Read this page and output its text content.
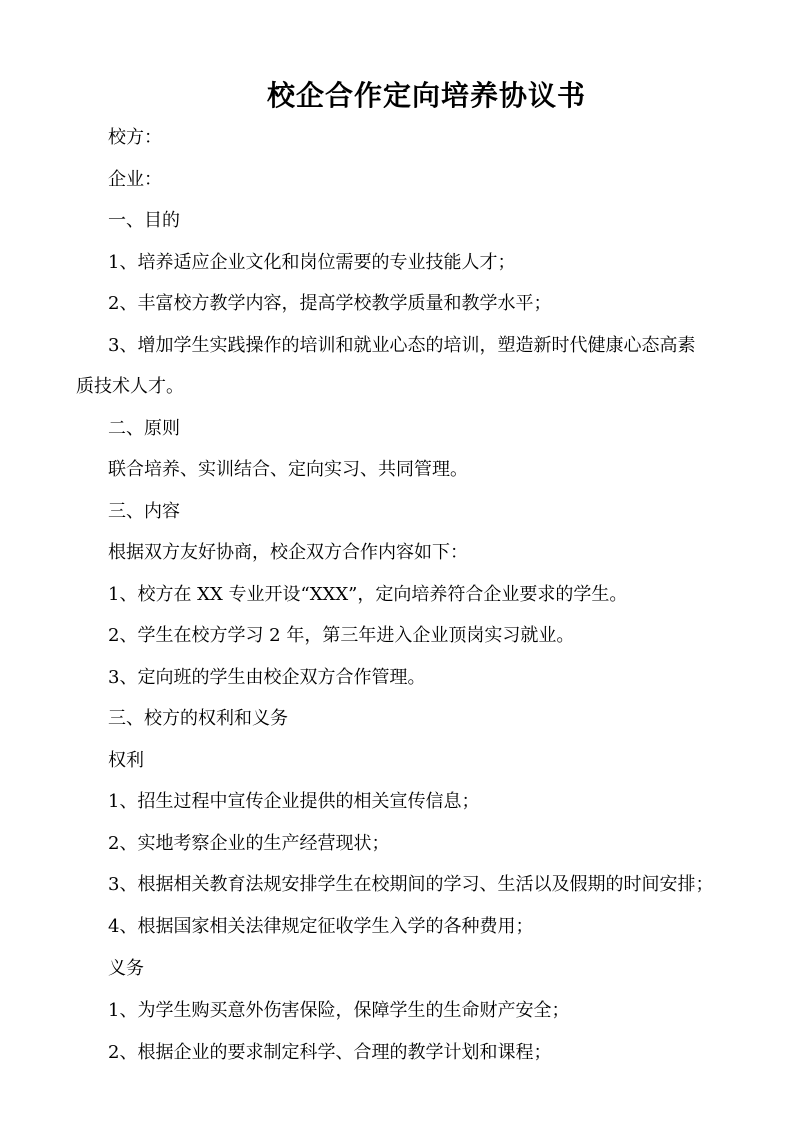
校企合作定向培养协议书
校方：
企业：
一、目的
1、培养适应企业文化和岗位需要的专业技能人才；
2、丰富校方教学内容，提高学校教学质量和教学水平；
3、增加学生实践操作的培训和就业心态的培训，塑造新时代健康心态高素
质技术人才。
二、原则
联合培养、实训结合、定向实习、共同管理。
三、内容
根据双方友好协商，校企双方合作内容如下：
1、校方在 XX 专业开设“XXX”，定向培养符合企业要求的学生。
2、学生在校方学习 2 年，第三年进入企业顶岗实习就业。
3、定向班的学生由校企双方合作管理。
三、校方的权利和义务
权利
1、招生过程中宣传企业提供的相关宣传信息；
2、实地考察企业的生产经营现状；
3、根据相关教育法规安排学生在校期间的学习、生活以及假期的时间安排；
4、根据国家相关法律规定征收学生入学的各种费用；
义务
1、为学生购买意外伤害保险，保障学生的生命财产安全；
2、根据企业的要求制定科学、合理的教学计划和课程；
